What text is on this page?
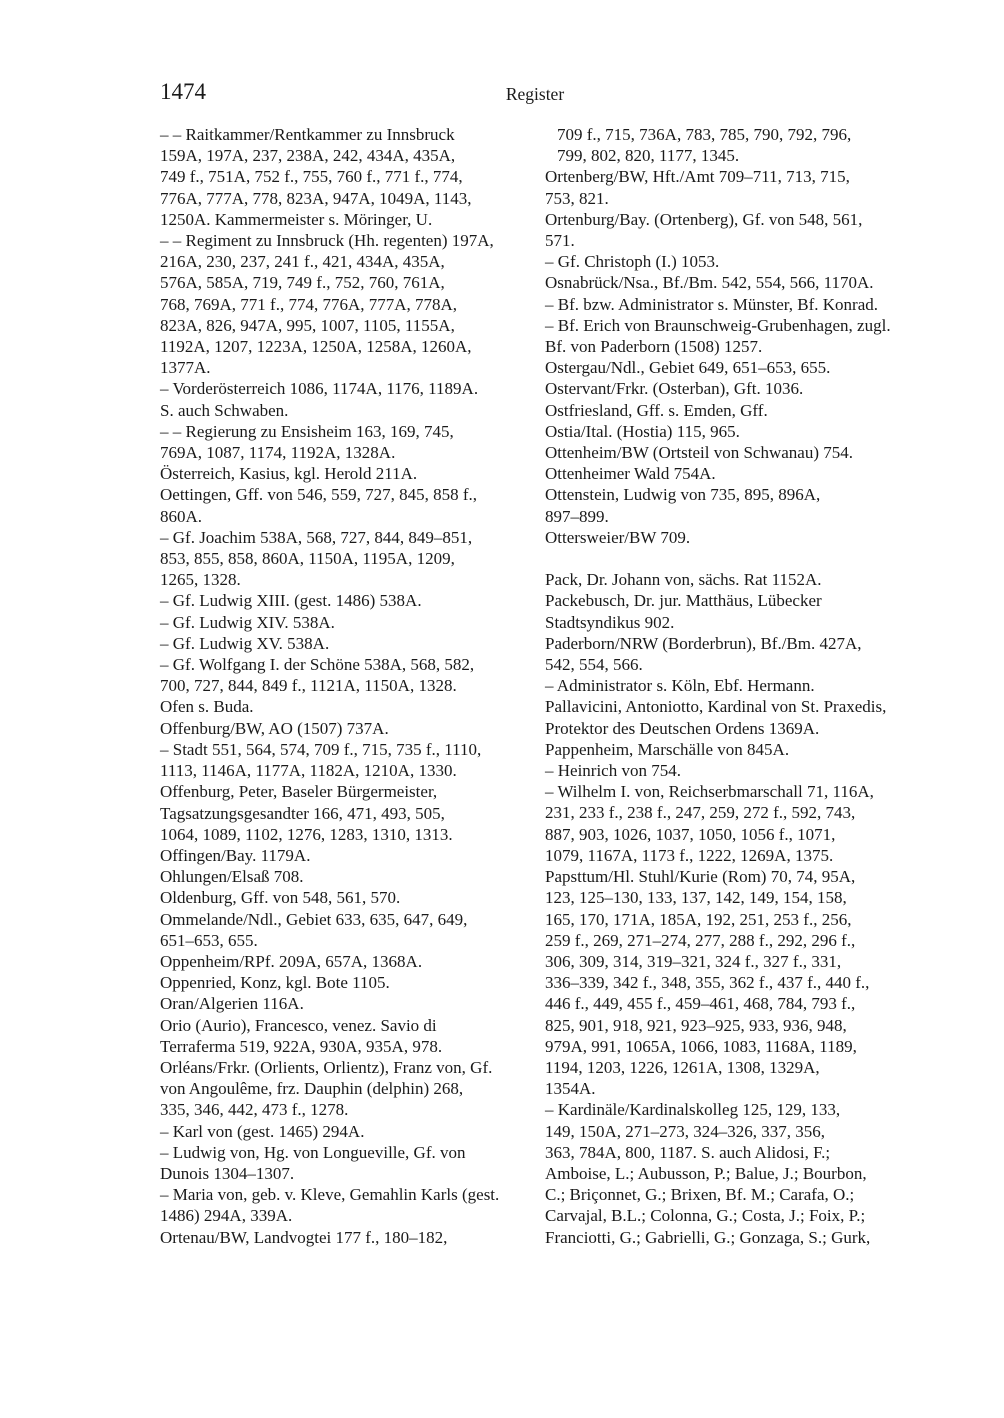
1474	Register
– – Raitkammer/Rentkammer zu Innsbruck
159A, 197A, 237, 238A, 242, 434A, 435A,
749 f., 751A, 752 f., 755, 760 f., 771 f., 774,
776A, 777A, 778, 823A, 947A, 1049A, 1143,
1250A. Kammermeister s. Möringer, U.
– – Regiment zu Innsbruck (Hh. regenten) 197A,
216A, 230, 237, 241 f., 421, 434A, 435A,
576A, 585A, 719, 749 f., 752, 760, 761A,
768, 769A, 771 f., 774, 776A, 777A, 778A,
823A, 826, 947A, 995, 1007, 1105, 1155A,
1192A, 1207, 1223A, 1250A, 1258A, 1260A,
1377A.
– Vorderösterreich 1086, 1174A, 1176, 1189A.
S. auch Schwaben.
– – Regierung zu Ensisheim 163, 169, 745,
769A, 1087, 1174, 1192A, 1328A.
Österreich, Kasius, kgl. Herold 211A.
Oettingen, Gff. von 546, 559, 727, 845, 858 f.,
860A.
– Gf. Joachim 538A, 568, 727, 844, 849–851,
853, 855, 858, 860A, 1150A, 1195A, 1209,
1265, 1328.
– Gf. Ludwig XIII. (gest. 1486) 538A.
– Gf. Ludwig XIV. 538A.
– Gf. Ludwig XV. 538A.
– Gf. Wolfgang I. der Schöne 538A, 568, 582,
700, 727, 844, 849 f., 1121A, 1150A, 1328.
Ofen s. Buda.
Offenburg/BW, AO (1507) 737A.
– Stadt 551, 564, 574, 709 f., 715, 735 f., 1110,
1113, 1146A, 1177A, 1182A, 1210A, 1330.
Offenburg, Peter, Baseler Bürgermeister,
Tagsatzungsgesandter 166, 471, 493, 505,
1064, 1089, 1102, 1276, 1283, 1310, 1313.
Offingen/Bay. 1179A.
Ohlungen/Elsaß 708.
Oldenburg, Gff. von 548, 561, 570.
Ommelande/Ndl., Gebiet 633, 635, 647, 649,
651–653, 655.
Oppenheim/RPf. 209A, 657A, 1368A.
Oppenried, Konz, kgl. Bote 1105.
Oran/Algerien 116A.
Orio (Aurio), Francesco, venez. Savio di
Terraferma 519, 922A, 930A, 935A, 978.
Orléans/Frkr. (Orlients, Orlientz), Franz von, Gf.
von Angoulême, frz. Dauphin (delphin) 268,
335, 346, 442, 473 f., 1278.
– Karl von (gest. 1465) 294A.
– Ludwig von, Hg. von Longueville, Gf. von
Dunois 1304–1307.
– Maria von, geb. v. Kleve, Gemahlin Karls (gest.
1486) 294A, 339A.
Ortenau/BW, Landvogtei 177 f., 180–182,
709 f., 715, 736A, 783, 785, 790, 792, 796,
799, 802, 820, 1177, 1345.
Ortenberg/BW, Hft./Amt 709–711, 713, 715,
753, 821.
Ortenburg/Bay. (Ortenberg), Gf. von 548, 561,
571.
– Gf. Christoph (I.) 1053.
Osnabrück/Nsa., Bf./Bm. 542, 554, 566, 1170A.
– Bf. bzw. Administrator s. Münster, Bf. Konrad.
– Bf. Erich von Braunschweig-Grubenhagen, zugl.
Bf. von Paderborn (1508) 1257.
Ostergau/Ndl., Gebiet 649, 651–653, 655.
Ostervant/Frkr. (Osterban), Gft. 1036.
Ostfriesland, Gff. s. Emden, Gff.
Ostia/Ital. (Hostia) 115, 965.
Ottenheim/BW (Ortsteil von Schwanau) 754.
Ottenheimer Wald 754A.
Ottenstein, Ludwig von 735, 895, 896A,
897–899.
Ottersweier/BW 709.
Pack, Dr. Johann von, sächs. Rat 1152A.
Packebusch, Dr. jur. Matthäus, Lübecker
Stadtsyndikus 902.
Paderborn/NRW (Borderbrun), Bf./Bm. 427A,
542, 554, 566.
– Administrator s. Köln, Ebf. Hermann.
Pallavicini, Antoniotto, Kardinal von St. Praxedis,
Protektor des Deutschen Ordens 1369A.
Pappenheim, Marschälle von 845A.
– Heinrich von 754.
– Wilhelm I. von, Reichserbmarschall 71, 116A,
231, 233 f., 238 f., 247, 259, 272 f., 592, 743,
887, 903, 1026, 1037, 1050, 1056 f., 1071,
1079, 1167A, 1173 f., 1222, 1269A, 1375.
Papsttum/Hl. Stuhl/Kurie (Rom) 70, 74, 95A,
123, 125–130, 133, 137, 142, 149, 154, 158,
165, 170, 171A, 185A, 192, 251, 253 f., 256,
259 f., 269, 271–274, 277, 288 f., 292, 296 f.,
306, 309, 314, 319–321, 324 f., 327 f., 331,
336–339, 342 f., 348, 355, 362 f., 437 f., 440 f.,
446 f., 449, 455 f., 459–461, 468, 784, 793 f.,
825, 901, 918, 921, 923–925, 933, 936, 948,
979A, 991, 1065A, 1066, 1083, 1168A, 1189,
1194, 1203, 1226, 1261A, 1308, 1329A,
1354A.
– Kardinäle/Kardinalskolleg 125, 129, 133,
149, 150A, 271–273, 324–326, 337, 356,
363, 784A, 800, 1187. S. auch Alidosi, F.;
Amboise, L.; Aubusson, P.; Balue, J.; Bourbon,
C.; Briçonnet, G.; Brixen, Bf. M.; Carafa, O.;
Carvajal, B.L.; Colonna, G.; Costa, J.; Foix, P.;
Franciotti, G.; Gabrielli, G.; Gonzaga, S.; Gurk,
